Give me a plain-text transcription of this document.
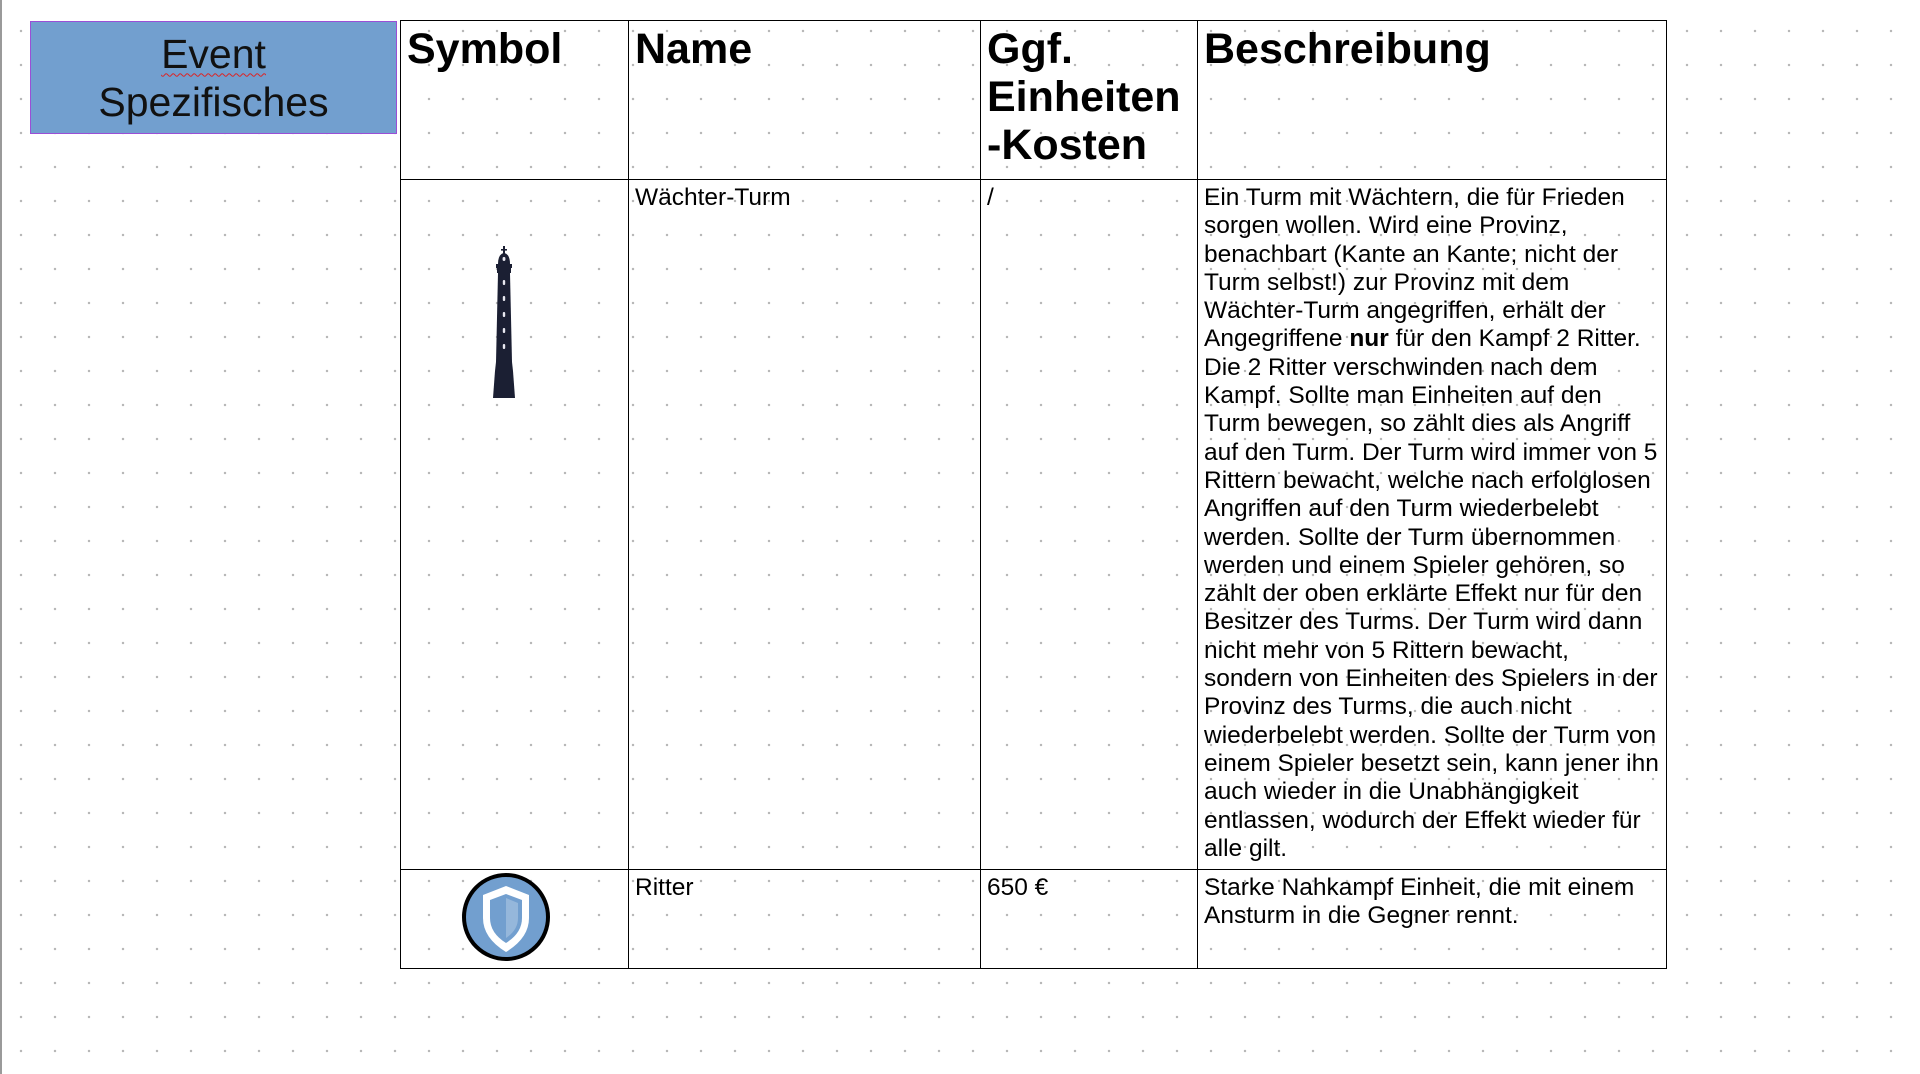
Event
Spezifisches
Symbol	Name	Ggf.
Einheiten
-Kosten	Beschreibung

	Wächter-Turm	/	Ein Turm mit Wächtern, die für Frieden sorgen wollen. Wird eine Provinz, benachbart (Kante an Kante; nicht der Turm selbst!) zur Provinz mit dem Wächter-Turm angegriffen, erhält der Angegriffene nur für den Kampf 2 Ritter. Die 2 Ritter verschwinden nach dem Kampf. Sollte man Einheiten auf den Turm bewegen, so zählt dies als Angriff auf den Turm. Der Turm wird immer von 5 Rittern bewacht, welche nach erfolglosen Angriffen auf den Turm wiederbelebt werden. Sollte der Turm übernommen werden und einem Spieler gehören, so zählt der oben erklärte Effekt nur für den Besitzer des Turms. Der Turm wird dann nicht mehr von 5 Rittern bewacht, sondern von Einheiten des Spielers in der Provinz des Turms, die auch nicht wiederbelebt werden. Sollte der Turm von einem Spieler besetzt sein, kann jener ihn auch wieder in die Unabhängigkeit entlassen, wodurch der Effekt wieder für alle gilt.

	Ritter	650 €	Starke Nahkampf Einheit, die mit einem Ansturm in die Gegner rennt.
